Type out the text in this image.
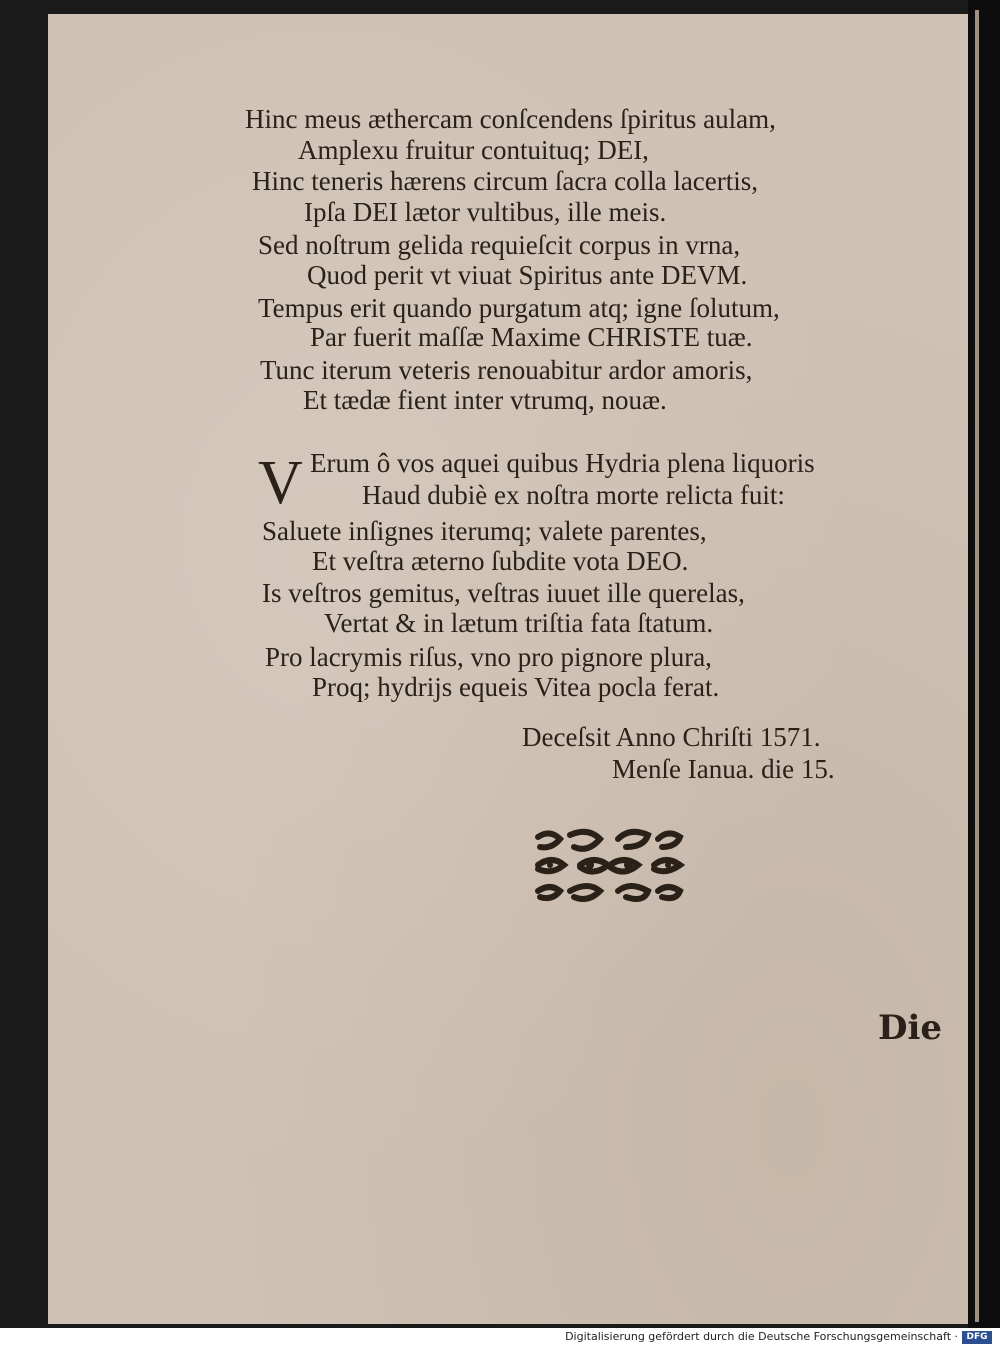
Hinc meus æthercam conſcendens ſpiritus aulam,
Amplexu fruitur contuituq; DEI,
Hinc teneris hærens circum ſacra colla lacertis,
Ipſa DEI lætor vultibus, ille meis.
Sed noſtrum gelida requieſcit corpus in vrna,
Quod perit vt viuat Spiritus ante DEVM.
Tempus erit quando purgatum atq; igne ſolutum,
Par fuerit maſſæ Maxime CHRISTE tuæ.
Tunc iterum veteris renouabitur ardor amoris,
Et tædæ fient inter vtrumq, nouæ.
V Erum ô vos aquei quibus Hydria plena liquoris
Haud dubiè ex noſtra morte relicta fuit:
Saluete inſignes iterumq; valete parentes,
Et veſtra æterno ſubdite vota DEO.
Is veſtros gemitus, veſtras iuuet ille querelas,
Vertat & in lætum triſtia fata ſtatum.
Pro lacrymis riſus, vno pro pignore plura,
Proq; hydrijs equeis Vitea pocla ferat.
Deceſsit Anno Chriſti 1571.
Menſe Ianua. die 15.
Die
Digitalisierung gefördert durch die Deutsche Forschungsgemeinschaft · DFG
